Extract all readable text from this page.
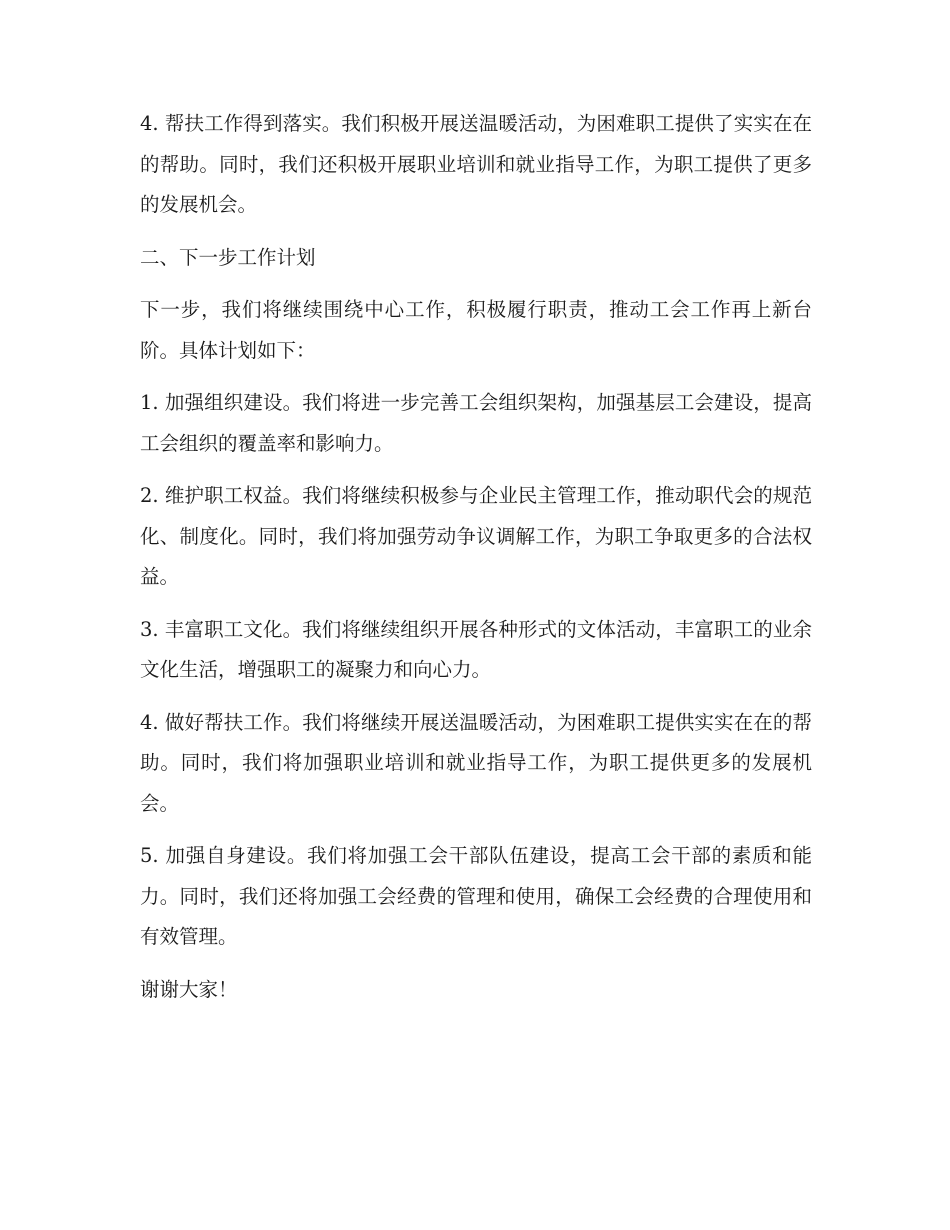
4. 帮扶工作得到落实。我们积极开展送温暖活动，为困难职工提供了实实在在的帮助。同时，我们还积极开展职业培训和就业指导工作，为职工提供了更多的发展机会。

二、下一步工作计划

下一步，我们将继续围绕中心工作，积极履行职责，推动工会工作再上新台阶。具体计划如下：

1. 加强组织建设。我们将进一步完善工会组织架构，加强基层工会建设，提高工会组织的覆盖率和影响力。

2. 维护职工权益。我们将继续积极参与企业民主管理工作，推动职代会的规范化、制度化。同时，我们将加强劳动争议调解工作，为职工争取更多的合法权益。

3. 丰富职工文化。我们将继续组织开展各种形式的文体活动，丰富职工的业余文化生活，增强职工的凝聚力和向心力。

4. 做好帮扶工作。我们将继续开展送温暖活动，为困难职工提供实实在在的帮助。同时，我们将加强职业培训和就业指导工作，为职工提供更多的发展机会。

5. 加强自身建设。我们将加强工会干部队伍建设，提高工会干部的素质和能力。同时，我们还将加强工会经费的管理和使用，确保工会经费的合理使用和有效管理。

谢谢大家！
